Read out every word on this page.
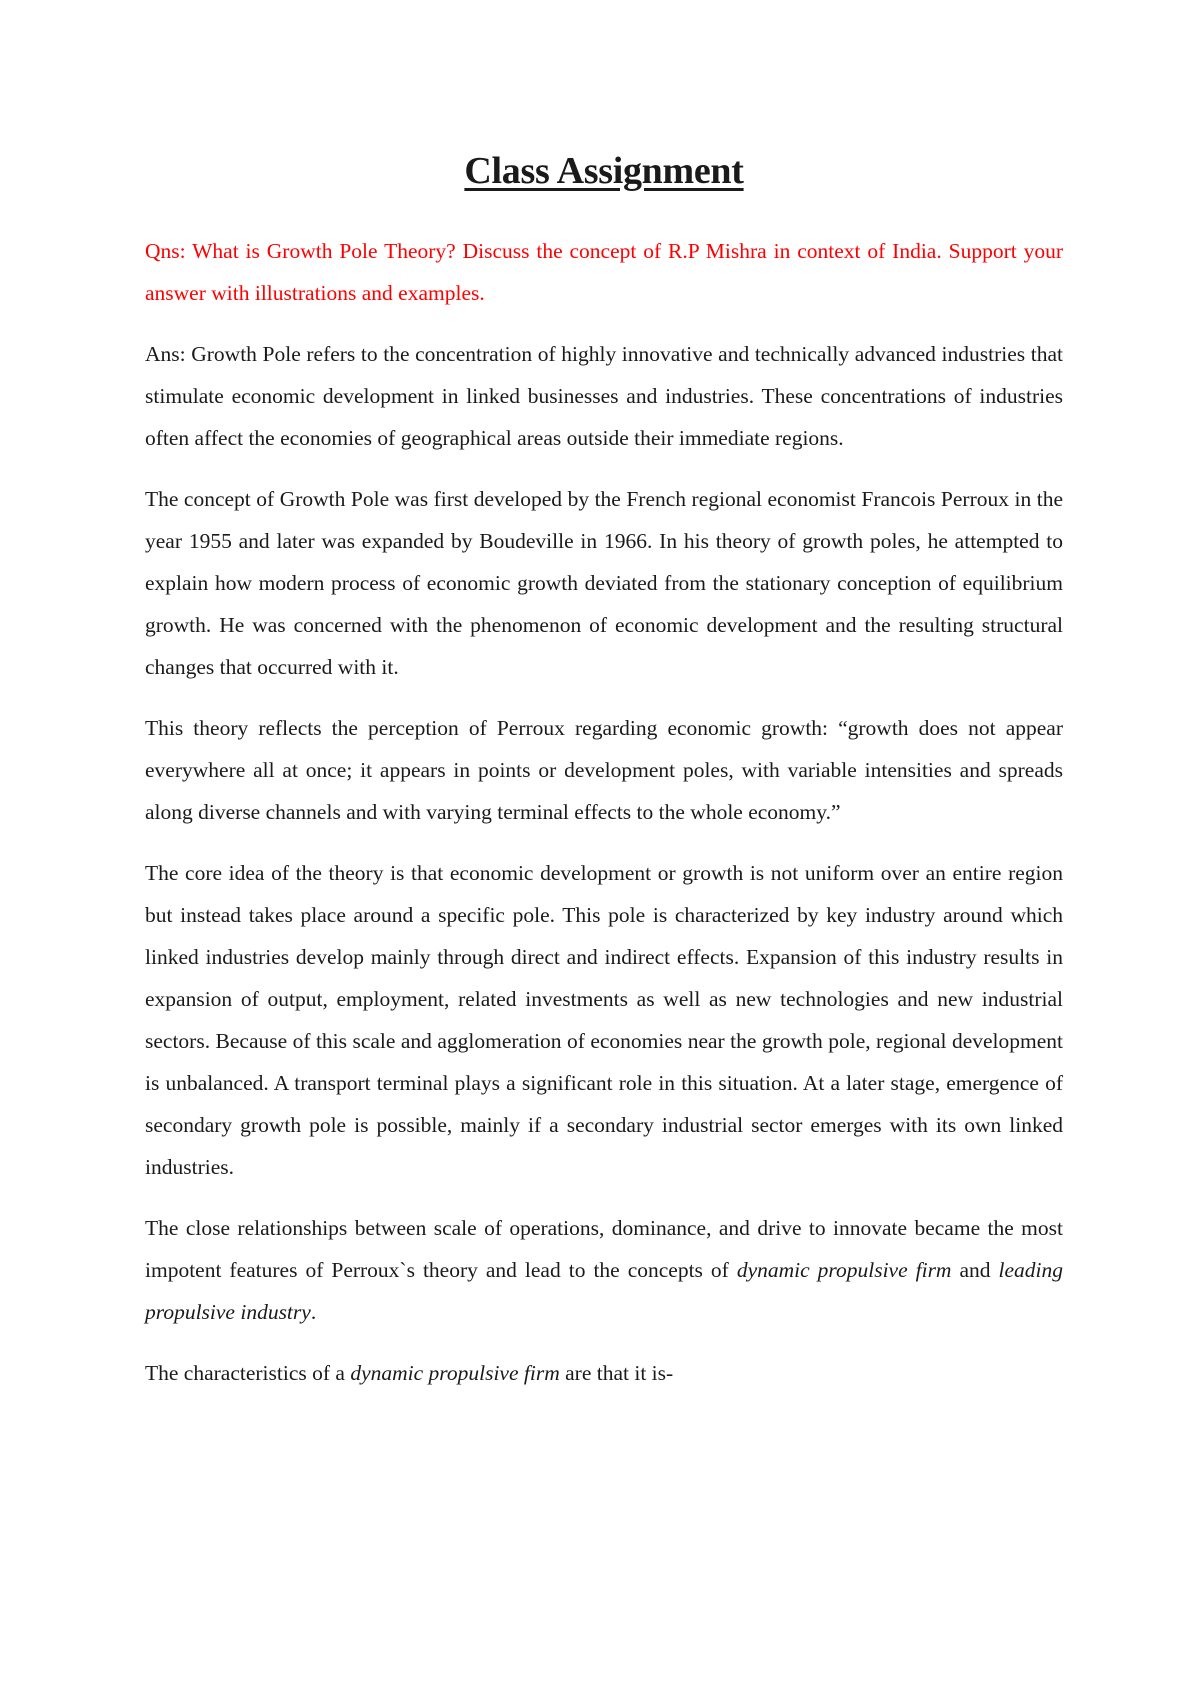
Class Assignment

Qns: What is Growth Pole Theory? Discuss the concept of R.P Mishra in context of India. Support your answer with illustrations and examples.

Ans: Growth Pole refers to the concentration of highly innovative and technically advanced industries that stimulate economic development in linked businesses and industries. These concentrations of industries often affect the economies of geographical areas outside their immediate regions.

The concept of Growth Pole was first developed by the French regional economist Francois Perroux in the year 1955 and later was expanded by Boudeville in 1966. In his theory of growth poles, he attempted to explain how modern process of economic growth deviated from the stationary conception of equilibrium growth. He was concerned with the phenomenon of economic development and the resulting structural changes that occurred with it.

This theory reflects the perception of Perroux regarding economic growth: “growth does not appear everywhere all at once; it appears in points or development poles, with variable intensities and spreads along diverse channels and with varying terminal effects to the whole economy.”

The core idea of the theory is that economic development or growth is not uniform over an entire region but instead takes place around a specific pole. This pole is characterized by key industry around which linked industries develop mainly through direct and indirect effects. Expansion of this industry results in expansion of output, employment, related investments as well as new technologies and new industrial sectors. Because of this scale and agglomeration of economies near the growth pole, regional development is unbalanced. A transport terminal plays a significant role in this situation. At a later stage, emergence of secondary growth pole is possible, mainly if a secondary industrial sector emerges with its own linked industries.

The close relationships between scale of operations, dominance, and drive to innovate became the most impotent features of Perroux`s theory and lead to the concepts of dynamic propulsive firm and leading propulsive industry.

The characteristics of a dynamic propulsive firm are that it is-
